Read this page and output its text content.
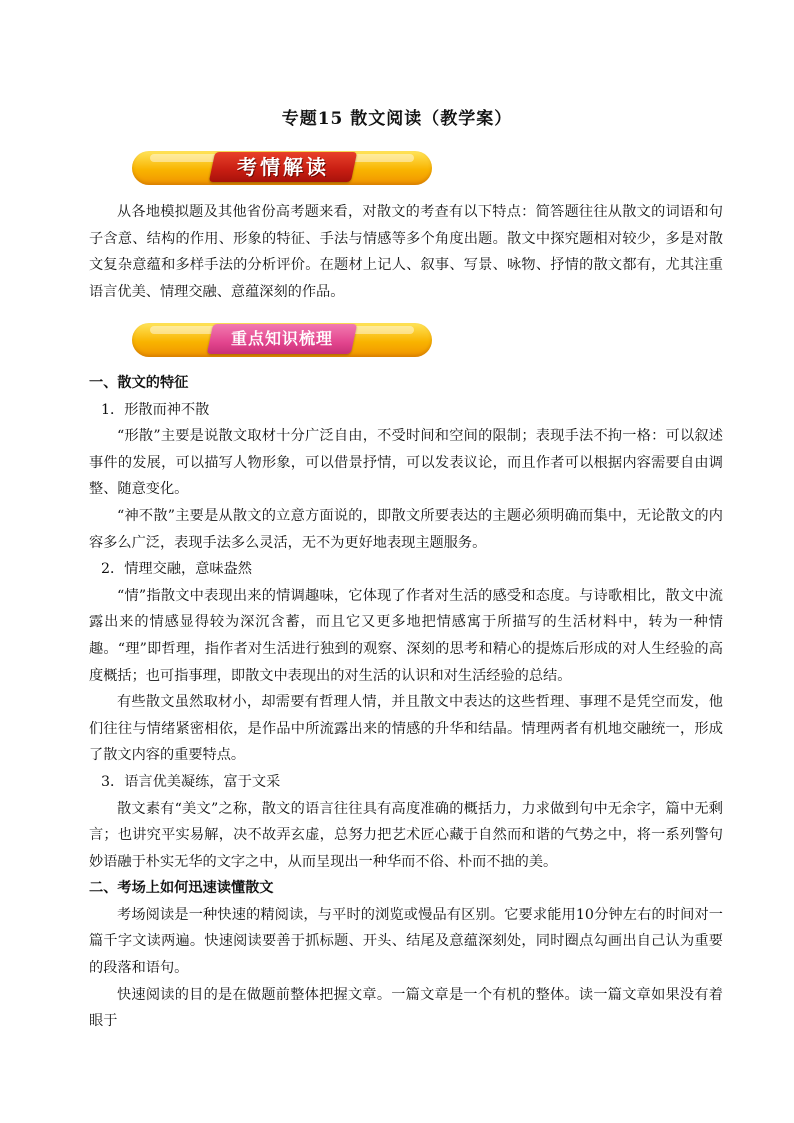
专题15 散文阅读（教学案）
考情解读

从各地模拟题及其他省份高考题来看，对散文的考查有以下特点：简答题往往从散文的词语和句子含意、结构的作用、形象的特征、手法与情感等多个角度出题。散文中探究题相对较少，多是对散文复杂意蕴和多样手法的分析评价。在题材上记人、叙事、写景、咏物、抒情的散文都有，尤其注重语言优美、情理交融、意蕴深刻的作品。

重点知识梳理

一、散文的特征

1．形散而神不散

“形散”主要是说散文取材十分广泛自由，不受时间和空间的限制；表现手法不拘一格：可以叙述事件的发展，可以描写人物形象，可以借景抒情，可以发表议论，而且作者可以根据内容需要自由调整、随意变化。

“神不散”主要是从散文的立意方面说的，即散文所要表达的主题必须明确而集中，无论散文的内容多么广泛，表现手法多么灵活，无不为更好地表现主题服务。

2．情理交融，意味盎然

“情”指散文中表现出来的情调趣味，它体现了作者对生活的感受和态度。与诗歌相比，散文中流露出来的情感显得较为深沉含蓄，而且它又更多地把情感寓于所描写的生活材料中，转为一种情趣。“理”即哲理，指作者对生活进行独到的观察、深刻的思考和精心的提炼后形成的对人生经验的高度概括；也可指事理，即散文中表现出的对生活的认识和对生活经验的总结。

有些散文虽然取材小，却需要有哲理人情，并且散文中表达的这些哲理、事理不是凭空而发，他们往往与情绪紧密相依，是作品中所流露出来的情感的升华和结晶。情理两者有机地交融统一，形成了散文内容的重要特点。

3．语言优美凝练，富于文采

散文素有“美文”之称，散文的语言往往具有高度准确的概括力，力求做到句中无余字，篇中无剩言；也讲究平实易解，决不故弄玄虚，总努力把艺术匠心藏于自然而和谐的气势之中，将一系列警句妙语融于朴实无华的文字之中，从而呈现出一种华而不俗、朴而不拙的美。

二、考场上如何迅速读懂散文

考场阅读是一种快速的精阅读，与平时的浏览或慢品有区别。它要求能用10分钟左右的时间对一篇千字文读两遍。快速阅读要善于抓标题、开头、结尾及意蕴深刻处，同时圈点勾画出自己认为重要的段落和语句。

快速阅读的目的是在做题前整体把握文章。一篇文章是一个有机的整体。读一篇文章如果没有着眼于
